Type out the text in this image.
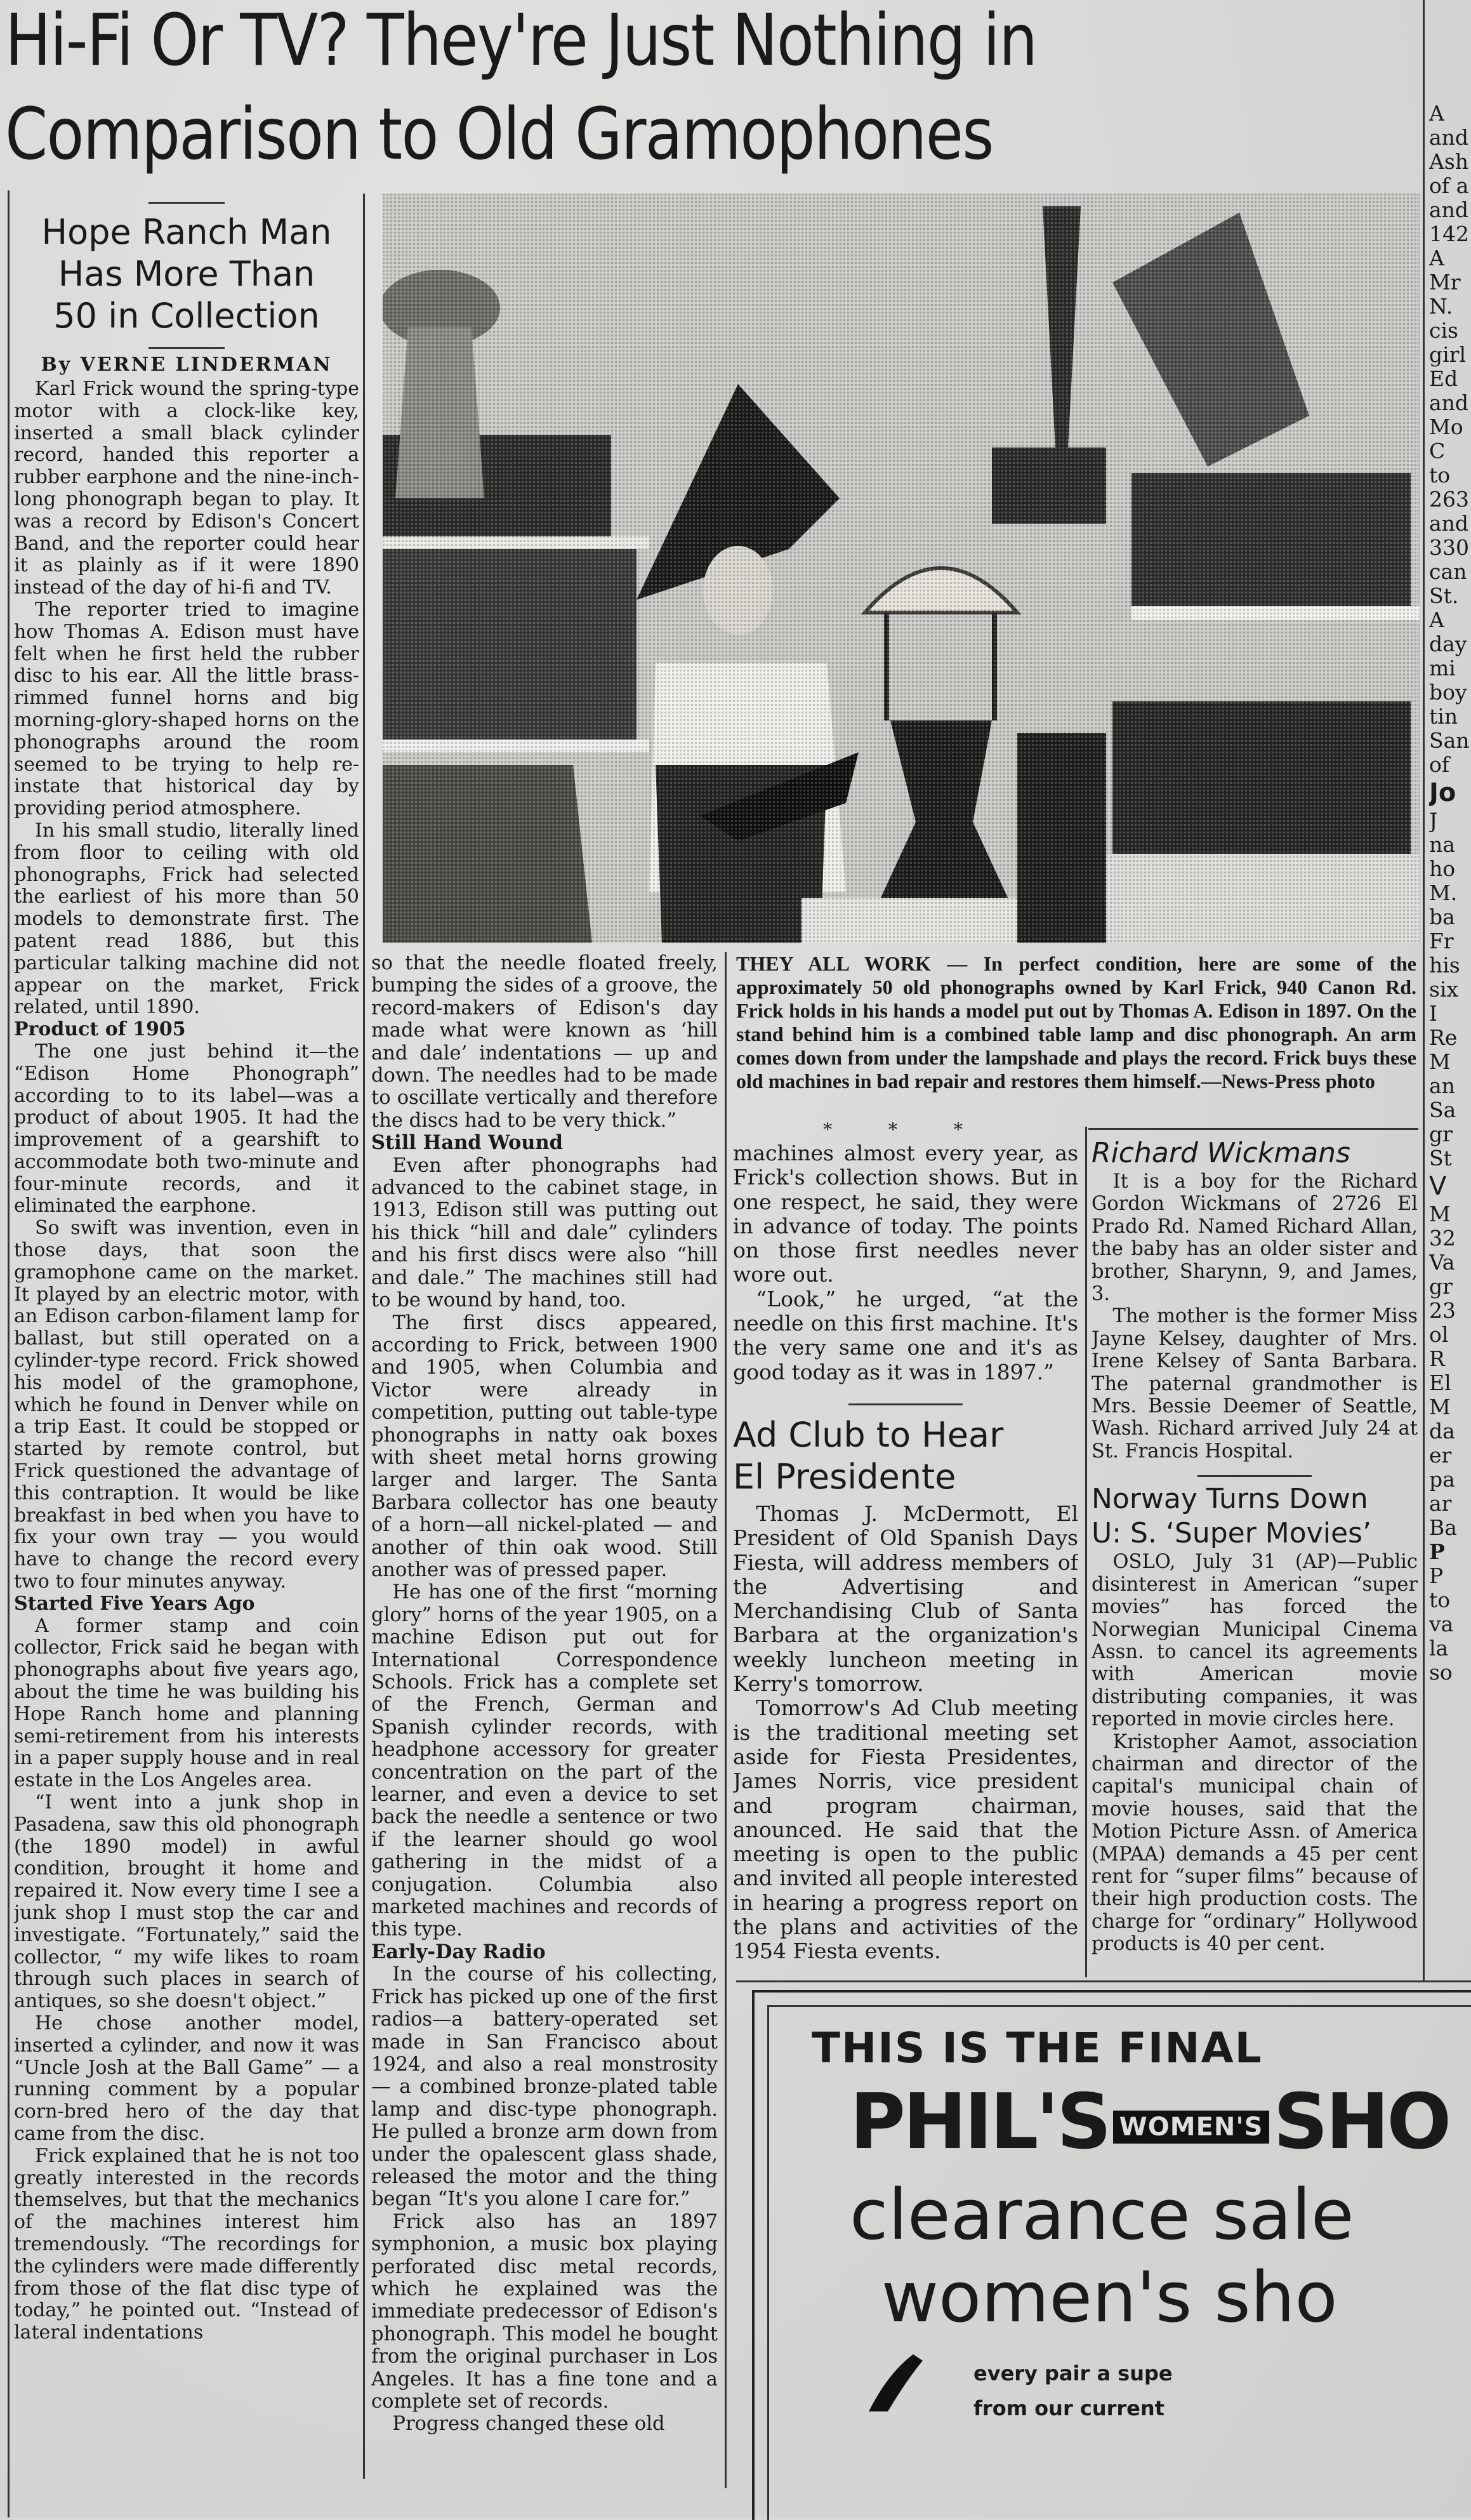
Hi-Fi Or TV? They're Just Nothing in
Comparison to Old Gramophones
Hope Ranch Man
Has More Than
50 in Collection
By VERNE LINDERMAN

Karl Frick wound the spring-type motor with a clock-like key, inserted a small black cylinder record, handed this reporter a rubber earphone and the nine-inch-long phonograph began to play. It was a record by Edison's Concert Band, and the reporter could hear it as plainly as if it were 1890 instead of the day of hi-fi and TV.

The reporter tried to imagine how Thomas A. Edison must have felt when he first held the rubber disc to his ear. All the little brass-rimmed funnel horns and big morning-glory-shaped horns on the phonographs around the room seemed to be trying to help re-instate that historical day by providing period atmosphere.

In his small studio, literally lined from floor to ceiling with old phonographs, Frick had selected the earliest of his more than 50 models to demonstrate first. The patent read 1886, but this particular talking machine did not appear on the market, Frick related, until 1890.

Product of 1905

The one just behind it—the “Edison Home Phonograph” according to to its label—was a product of about 1905. It had the improvement of a gearshift to accommodate both two-minute and four-minute records, and it eliminated the earphone.

So swift was invention, even in those days, that soon the gramophone came on the market. It played by an electric motor, with an Edison carbon-filament lamp for ballast, but still operated on a cylinder-type record. Frick showed his model of the gramophone, which he found in Denver while on a trip East. It could be stopped or started by remote control, but Frick questioned the advantage of this contraption. It would be like breakfast in bed when you have to fix your own tray — you would have to change the record every two to four minutes anyway.

Started Five Years Ago

A former stamp and coin collector, Frick said he began with phonographs about five years ago, about the time he was building his Hope Ranch home and planning semi-retirement from his interests in a paper supply house and in real estate in the Los Angeles area.

“I went into a junk shop in Pasadena, saw this old phonograph (the 1890 model) in awful condition, brought it home and repaired it. Now every time I see a junk shop I must stop the car and investigate. “Fortunately,” said the collector, “ my wife likes to roam through such places in search of antiques, so she doesn't object.”

He chose another model, inserted a cylinder, and now it was “Uncle Josh at the Ball Game” — a running comment by a popular corn-bred hero of the day that came from the disc.

Frick explained that he is not too greatly interested in the records themselves, but that the mechanics of the machines interest him tremendously. “The recordings for the cylinders were made differently from those of the flat disc type of today,” he pointed out. “Instead of lateral indentations

THEY ALL WORK — In perfect condition, here are some of the approximately 50 old phonographs owned by Karl Frick, 940 Canon Rd. Frick holds in his hands a model put out by Thomas A. Edison in 1897. On the stand behind him is a combined table lamp and disc phonograph. An arm comes down from under the lampshade and plays the record. Frick buys these old machines in bad repair and restores them himself.—News-Press photo

so that the needle floated freely, bumping the sides of a groove, the record-makers of Edison's day made what were known as ‘hill and dale’ indentations — up and down. The needles had to be made to oscillate vertically and therefore the discs had to be very thick.”

Still Hand Wound

Even after phonographs had advanced to the cabinet stage, in 1913, Edison still was putting out his thick “hill and dale” cylinders and his first discs were also “hill and dale.” The machines still had to be wound by hand, too.

The first discs appeared, according to Frick, between 1900 and 1905, when Columbia and Victor were already in competition, putting out table-type phonographs in natty oak boxes with sheet metal horns growing larger and larger. The Santa Barbara collector has one beauty of a horn—all nickel-plated — and another of thin oak wood. Still another was of pressed paper.

He has one of the first “morning glory” horns of the year 1905, on a machine Edison put out for International Correspondence Schools. Frick has a complete set of the French, German and Spanish cylinder records, with headphone accessory for greater concentration on the part of the learner, and even a device to set back the needle a sentence or two if the learner should go wool gathering in the midst of a conjugation. Columbia also marketed machines and records of this type.

Early-Day Radio

In the course of his collecting, Frick has picked up one of the first radios—a battery-operated set made in San Francisco about 1924, and also a real monstrosity — a combined bronze-plated table lamp and disc-type phonograph. He pulled a bronze arm down from under the opalescent glass shade, released the motor and the thing began “It's you alone I care for.”

Frick also has an 1897 symphonion, a music box playing perforated disc metal records, which he explained was the immediate predecessor of Edison's phonograph. This model he bought from the original purchaser in Los Angeles. It has a fine tone and a complete set of records.

Progress changed these old

* * *

machines almost every year, as Frick's collection shows. But in one respect, he said, they were in advance of today. The points on those first needles never wore out.

“Look,” he urged, “at the needle on this first machine. It's the very same one and it's as good today as it was in 1897.”

Ad Club to Hear
El Presidente

Thomas J. McDermott, El President of Old Spanish Days Fiesta, will address members of the Advertising and Merchandising Club of Santa Barbara at the organization's weekly luncheon meeting in Kerry's tomorrow.

Tomorrow's Ad Club meeting is the traditional meeting set aside for Fiesta Presidentes, James Norris, vice president and program chairman, anounced. He said that the meeting is open to the public and invited all people interested in hearing a progress report on the plans and activities of the 1954 Fiesta events.

Richard Wickmans

It is a boy for the Richard Gordon Wickmans of 2726 El Prado Rd. Named Richard Allan, the baby has an older sister and brother, Sharynn, 9, and James, 3.

The mother is the former Miss Jayne Kelsey, daughter of Mrs. Irene Kelsey of Santa Barbara. The paternal grandmother is Mrs. Bessie Deemer of Seattle, Wash. Richard arrived July 24 at St. Francis Hospital.

Norway Turns Down
U: S. ‘Super Movies’

OSLO, July 31 (AP)—Public disinterest in American “super movies” has forced the Norwegian Municipal Cinema Assn. to cancel its agreements with American movie distributing companies, it was reported in movie circles here.

Kristopher Aamot, association chairman and director of the capital's municipal chain of movie houses, said that the Motion Picture Assn. of America (MPAA) demands a 45 per cent rent for “super films” because of their high production costs. The charge for “ordinary” Hollywood products is 40 per cent.

THIS IS THE FINAL
PHIL'S WOMEN'S SHO
clearance sale
women's sho
every pair a supe
from our current
A
and
Ash
of a
and
142
A
Mr
N.
cis
girl
Ed
and
Mo
C
to
263
and
330
can
St.
A
day
mi
boy
tin
San
of
Jo
J
na
ho
M.
ba
Fr
his
six
I
Re
M
an
Sa
gr
St
V
M
32
Va
gr
23
ol
R
El
M
da
er
pa
ar
Ba
P
P
to
va
la
so
